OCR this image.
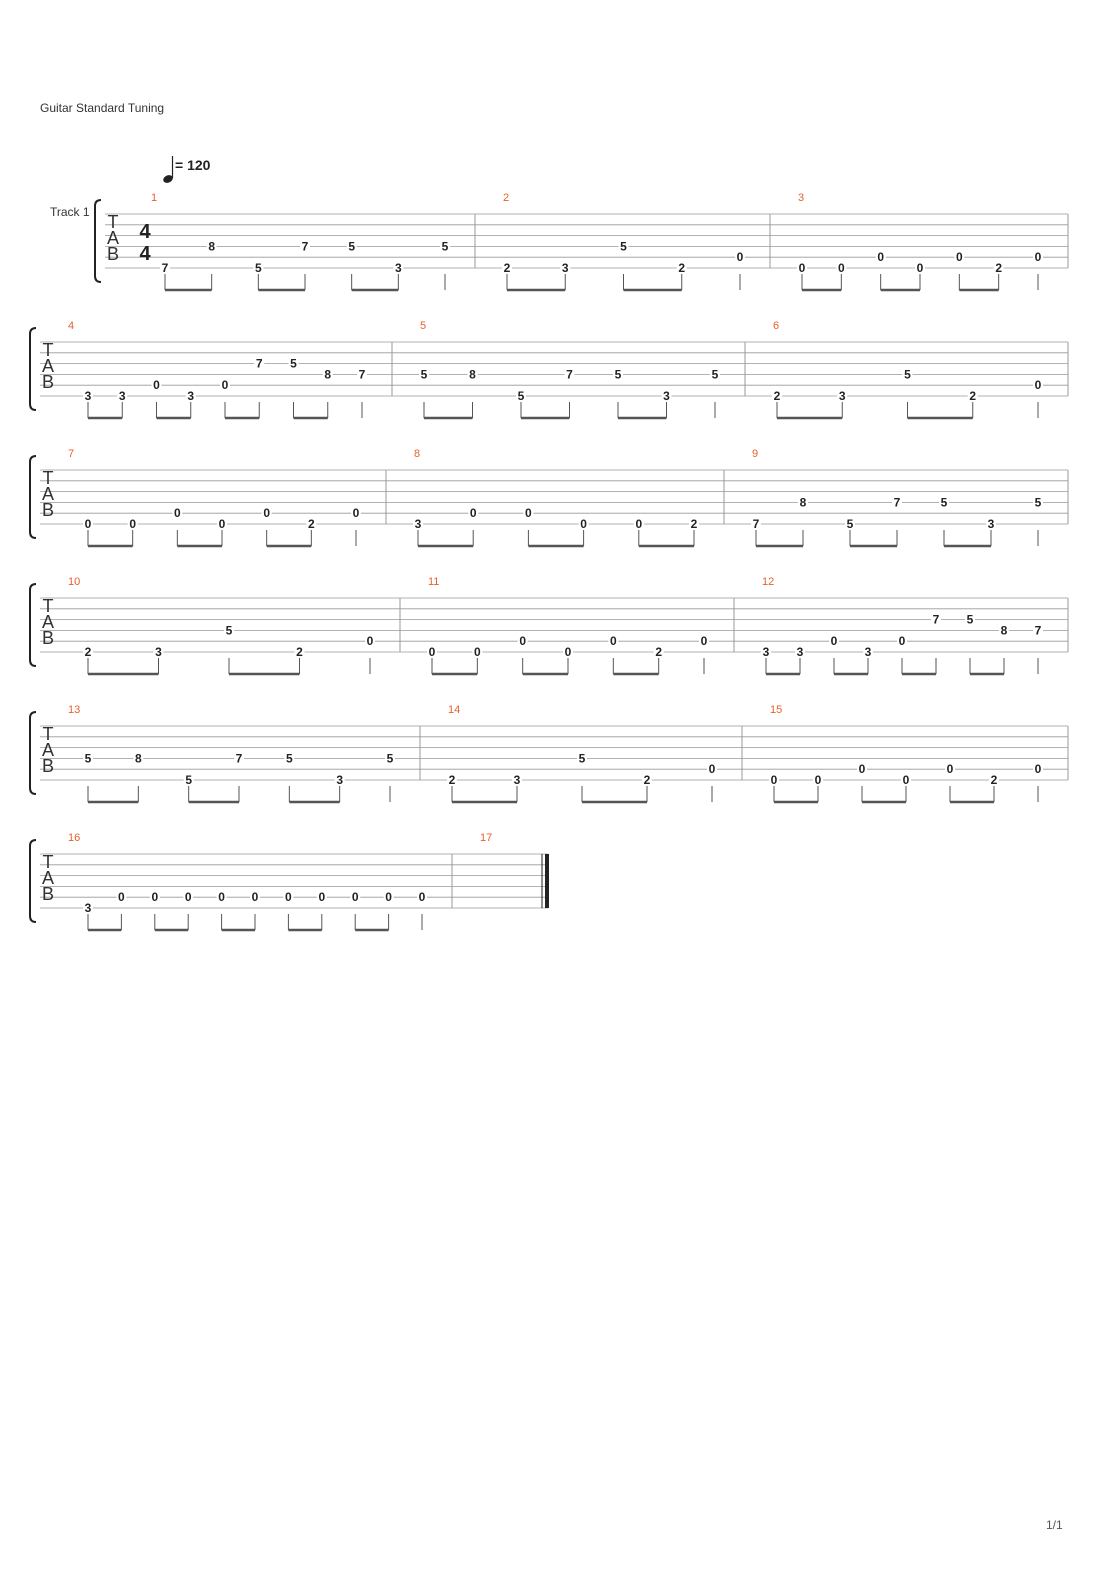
Guitar Standard Tuning
= 120
Track 1 T
A
B
4
4
1
7
8
5
7	5
3
5
2
2	3
5
2
0
3
0	0
0
0
0
2
0
T
A
B
4
3 3
0
3
0
7 5
8 7
5
5	8
5
7	5
3
5
6
2	3
5
2
0
T
A
B
7
0	0
0
0
0
2
0
8
3
0	0
0	0	2
9
7
8
5
7	5
3
5
T
A
B
10
2	3
5
2
0
11
0	0
0
0
0
2
0
12
3 3
0
3
0
7 5
8 7
T
A
B
13
5	8
5
7	5
3
5
14
2	3
5
2
0
15
0	0
0
0
0
2
0
T
A
B
16
3
0 0 0 0 0 0 0 0 0 0
17
1/1
